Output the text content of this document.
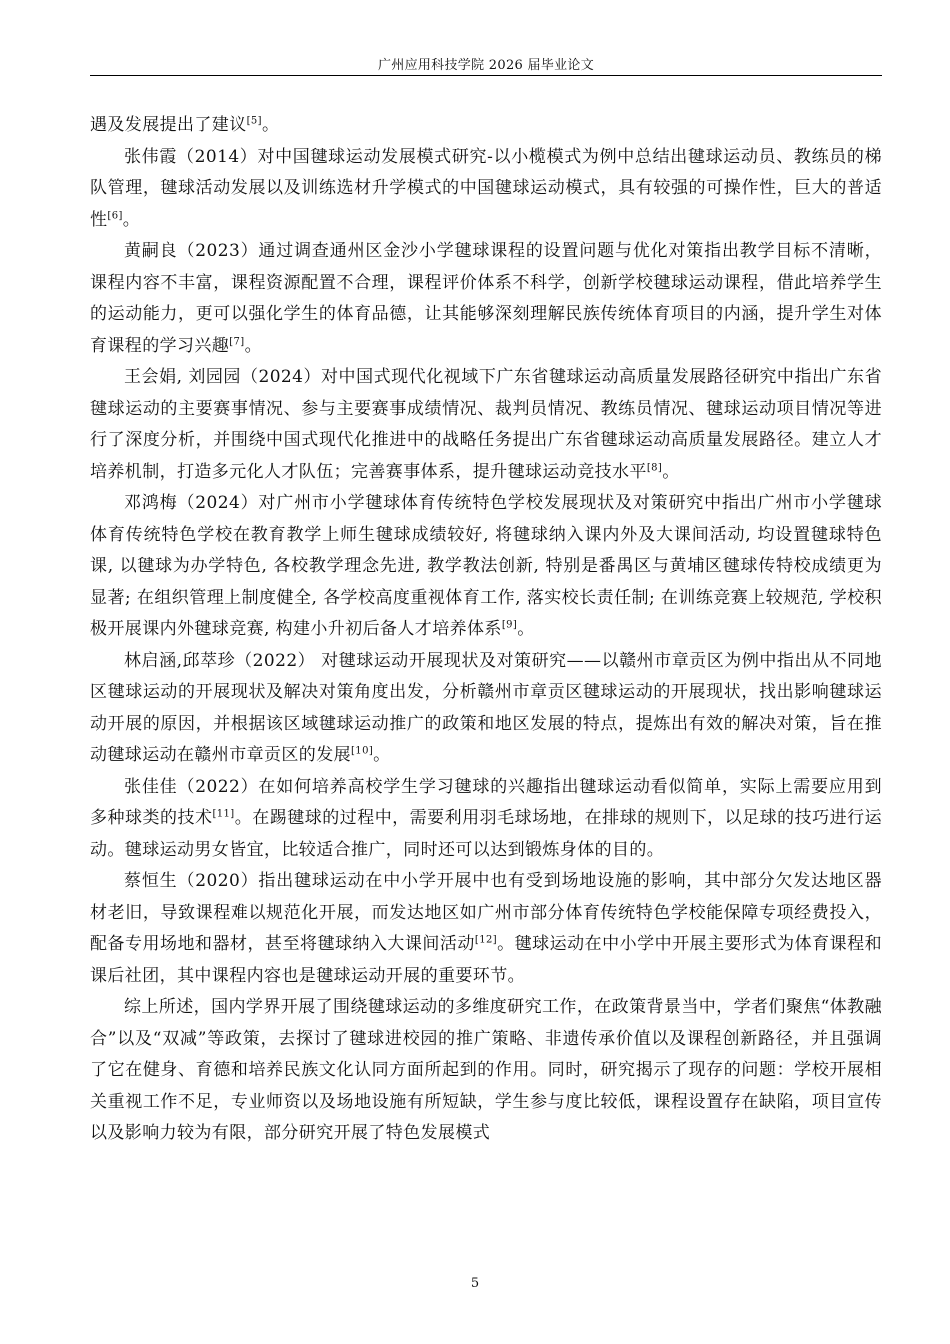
广州应用科技学院 2026 届毕业论文

遇及发展提出了建议[5]。

张伟霞（2014）对中国毽球运动发展模式研究-以小榄模式为例中总结出毽球运动员、教练员的梯队管理，毽球活动发展以及训练选材升学模式的中国毽球运动模式，具有较强的可操作性，巨大的普适性[6]。

黄嗣良（2023）通过调查通州区金沙小学毽球课程的设置问题与优化对策指出教学目标不清晰，课程内容不丰富，课程资源配置不合理，课程评价体系不科学，创新学校毽球运动课程，借此培养学生的运动能力，更可以强化学生的体育品德，让其能够深刻理解民族传统体育项目的内涵，提升学生对体育课程的学习兴趣[7]。

王会娟, 刘园园（2024）对中国式现代化视域下广东省毽球运动高质量发展路径研究中指出广东省毽球运动的主要赛事情况、参与主要赛事成绩情况、裁判员情况、教练员情况、毽球运动项目情况等进行了深度分析，并围绕中国式现代化推进中的战略任务提出广东省毽球运动高质量发展路径。建立人才培养机制，打造多元化人才队伍；完善赛事体系，提升毽球运动竞技水平[8]。

邓鸿梅（2024）对广州市小学毽球体育传统特色学校发展现状及对策研究中指出广州市小学毽球体育传统特色学校在教育教学上师生毽球成绩较好, 将毽球纳入课内外及大课间活动, 均设置毽球特色课, 以毽球为办学特色, 各校教学理念先进, 教学教法创新, 特别是番禺区与黄埔区毽球传特校成绩更为显著; 在组织管理上制度健全, 各学校高度重视体育工作, 落实校长责任制; 在训练竞赛上较规范, 学校积极开展课内外毽球竞赛, 构建小升初后备人才培养体系[9]。

林启涵,邱萃珍（2022） 对毽球运动开展现状及对策研究——以赣州市章贡区为例中指出从不同地区毽球运动的开展现状及解决对策角度出发，分析赣州市章贡区毽球运动的开展现状，找出影响毽球运动开展的原因，并根据该区域毽球运动推广的政策和地区发展的特点，提炼出有效的解决对策，旨在推动毽球运动在赣州市章贡区的发展[10]。

张佳佳（2022）在如何培养高校学生学习毽球的兴趣指出毽球运动看似简单，实际上需要应用到多种球类的技术[11]。在踢毽球的过程中，需要利用羽毛球场地，在排球的规则下，以足球的技巧进行运动。毽球运动男女皆宜，比较适合推广，同时还可以达到锻炼身体的目的。

蔡恒生（2020）指出毽球运动在中小学开展中也有受到场地设施的影响，其中部分欠发达地区器材老旧，导致课程难以规范化开展，而发达地区如广州市部分体育传统特色学校能保障专项经费投入，配备专用场地和器材，甚至将毽球纳入大课间活动[12]。毽球运动在中小学中开展主要形式为体育课程和课后社团，其中课程内容也是毽球运动开展的重要环节。

综上所述，国内学界开展了围绕毽球运动的多维度研究工作，在政策背景当中，学者们聚焦“体教融合”以及“双减”等政策，去探讨了毽球进校园的推广策略、非遗传承价值以及课程创新路径，并且强调了它在健身、育德和培养民族文化认同方面所起到的作用。同时，研究揭示了现存的问题：学校开展相关重视工作不足，专业师资以及场地设施有所短缺，学生参与度比较低，课程设置存在缺陷，项目宣传以及影响力较为有限，部分研究开展了特色发展模式

5
